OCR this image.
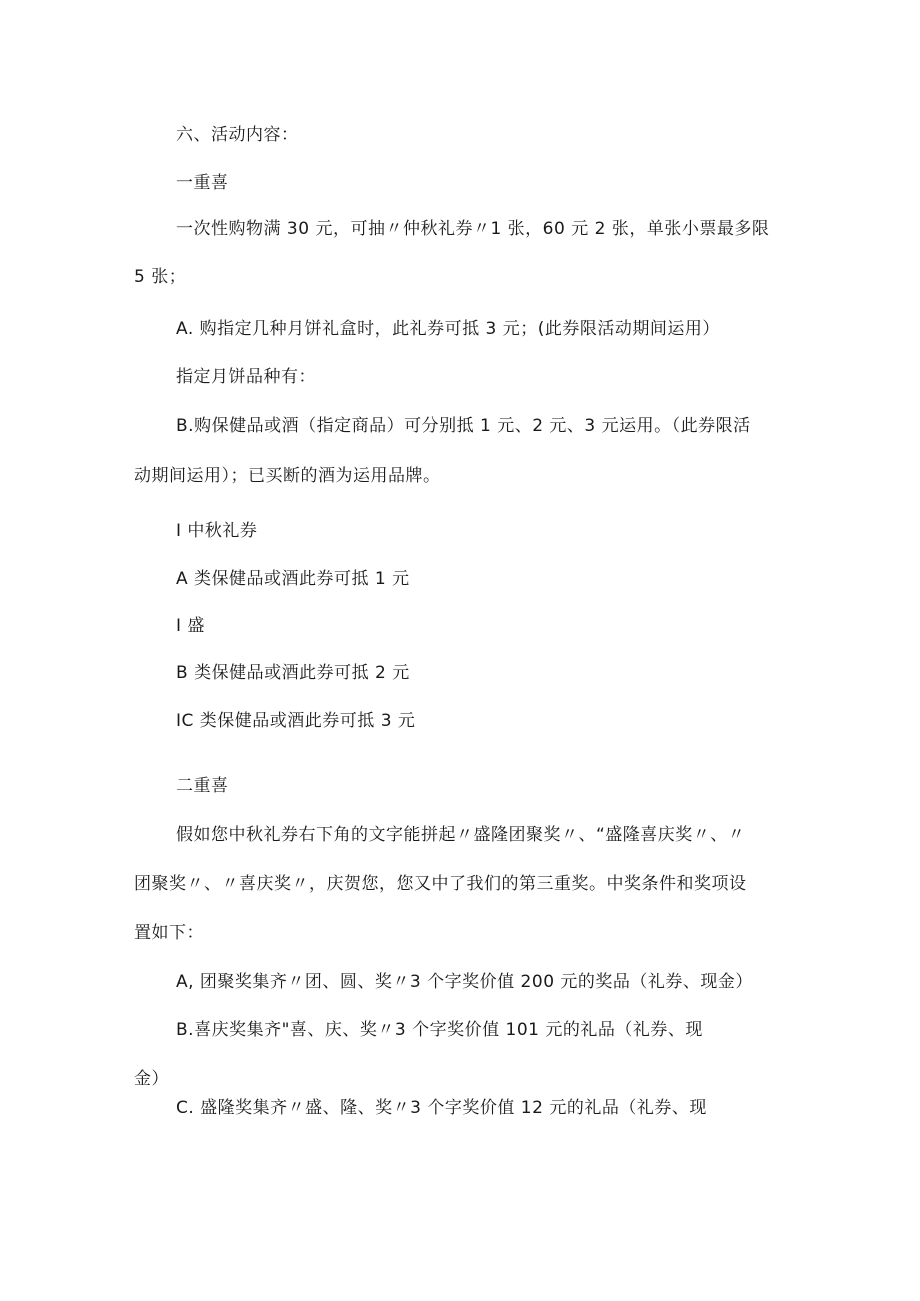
六、活动内容：
一重喜
一次性购物满 30 元，可抽〃仲秋礼券〃1 张，60 元 2 张，单张小票最多限
5 张；
A. 购指定几种月饼礼盒时，此礼券可抵 3 元；(此券限活动期间运用）
指定月饼品种有：
B.购保健品或酒（指定商品）可分别抵 1 元、2 元、3 元运用。（此券限活
动期间运用）；已买断的酒为运用品牌。
I 中秋礼券
A 类保健品或酒此券可抵 1 元
I 盛
B 类保健品或酒此券可抵 2 元
IC 类保健品或酒此券可抵 3 元
二重喜
假如您中秋礼券右下角的文字能拼起〃盛隆团聚奖〃、“盛隆喜庆奖〃、〃
团聚奖〃、〃喜庆奖〃，庆贺您，您又中了我们的第三重奖。中奖条件和奖项设
置如下：
A, 团聚奖集齐〃团、圆、奖〃3 个字奖价值 200 元的奖品（礼券、现金）
B.喜庆奖集齐"喜、庆、奖〃3 个字奖价值 101 元的礼品（礼券、现
金）
C. 盛隆奖集齐〃盛、隆、奖〃3 个字奖价值 12 元的礼品（礼券、现
